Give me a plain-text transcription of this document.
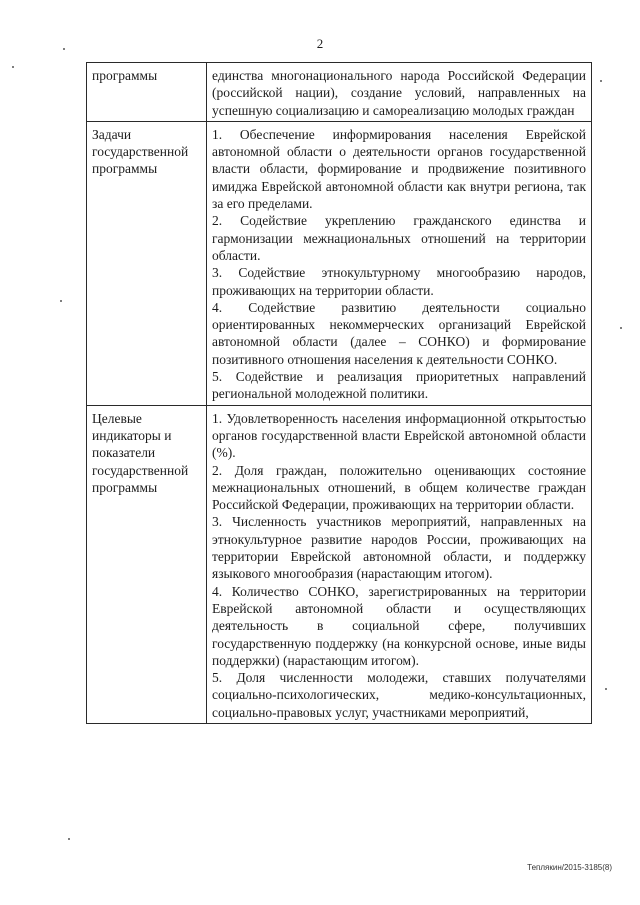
2
программы	единства многонационального народа Российской Федерации (российской нации), создание условий, направленных на успешную социализацию и самореализацию молодых граждан

Задачи государственной программы	1. Обеспечение информирования населения Еврейской автономной области о деятельности органов государственной власти области, формирование и продвижение позитивного имиджа Еврейской автономной области как внутри региона, так за его пределами.

2. Содействие укреплению гражданского единства и гармонизации межнациональных отношений на территории области.

3. Содействие этнокультурному многообразию народов, проживающих на территории области.

4. Содействие развитию деятельности социально ориентированных некоммерческих организаций Еврейской автономной области (далее – СОНКО) и формирование позитивного отношения населения к деятельности СОНКО.

5. Содействие и реализация приоритетных направлений региональной молодежной политики.

Целевые индикаторы и показатели государственной программы	1. Удовлетворенность населения информационной открытостью органов государственной власти Еврейской автономной области (%).

2. Доля граждан, положительно оценивающих состояние межнациональных отношений, в общем количестве граждан Российской Федерации, проживающих на территории области.

3. Численность участников мероприятий, направленных на этнокультурное развитие народов России, проживающих на территории Еврейской автономной области, и поддержку языкового многообразия (нарастающим итогом).

4. Количество СОНКО, зарегистрированных на территории Еврейской автономной области и осуществляющих деятельность в социальной сфере, получивших государственную поддержку (на конкурсной основе, иные виды поддержки) (нарастающим итогом).

5. Доля численности молодежи, ставших получателями социально-психологических, медико-консультационных, социально-правовых услуг, участниками мероприятий,

Теплякин/2015-3185(8)
